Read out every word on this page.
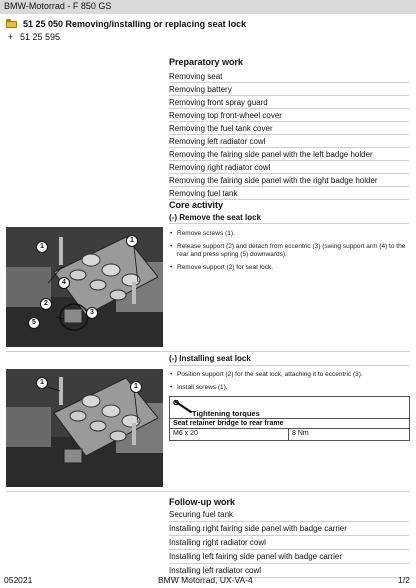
BMW-Motorrad - F 850 GS
51 25 050 Removing/installing or replacing seat lock
+ 51 25 595
Preparatory work
Removing seat
Removing battery
Removing front spray guard
Removing top front-wheel cover
Removing the fuel tank cover
Removing left radiator cowl
Removing the fairing side panel with the left badge holder
Removing right radiator cowl
Removing the fairing side panel with the right badge holder
Removing fuel tank
Core activity
(-) Remove the seat lock
1
1
4
2
3
5
• Remove screws (1).
• Release support (2) and detach from eccentric (3) (swing support arm (4) to the rear and press spring (5) downwards).
• Remove support (2) for seat lock.
(-) Installing seat lock
1
1
• Position support (2) for the seat lock, attaching it to eccentric (3).
• Install screws (1).
Tightening torques
Seat retainer bridge to rear frame
M6 x 20	8 Nm
Follow-up work
Securing fuel tank
Installing right fairing side panel with badge carrier
Installing right radiator cowl
Installing left fairing side panel with badge carrier
Installing left radiator cowl
052021	BMW Motorrad, UX-VA-4	1/2
